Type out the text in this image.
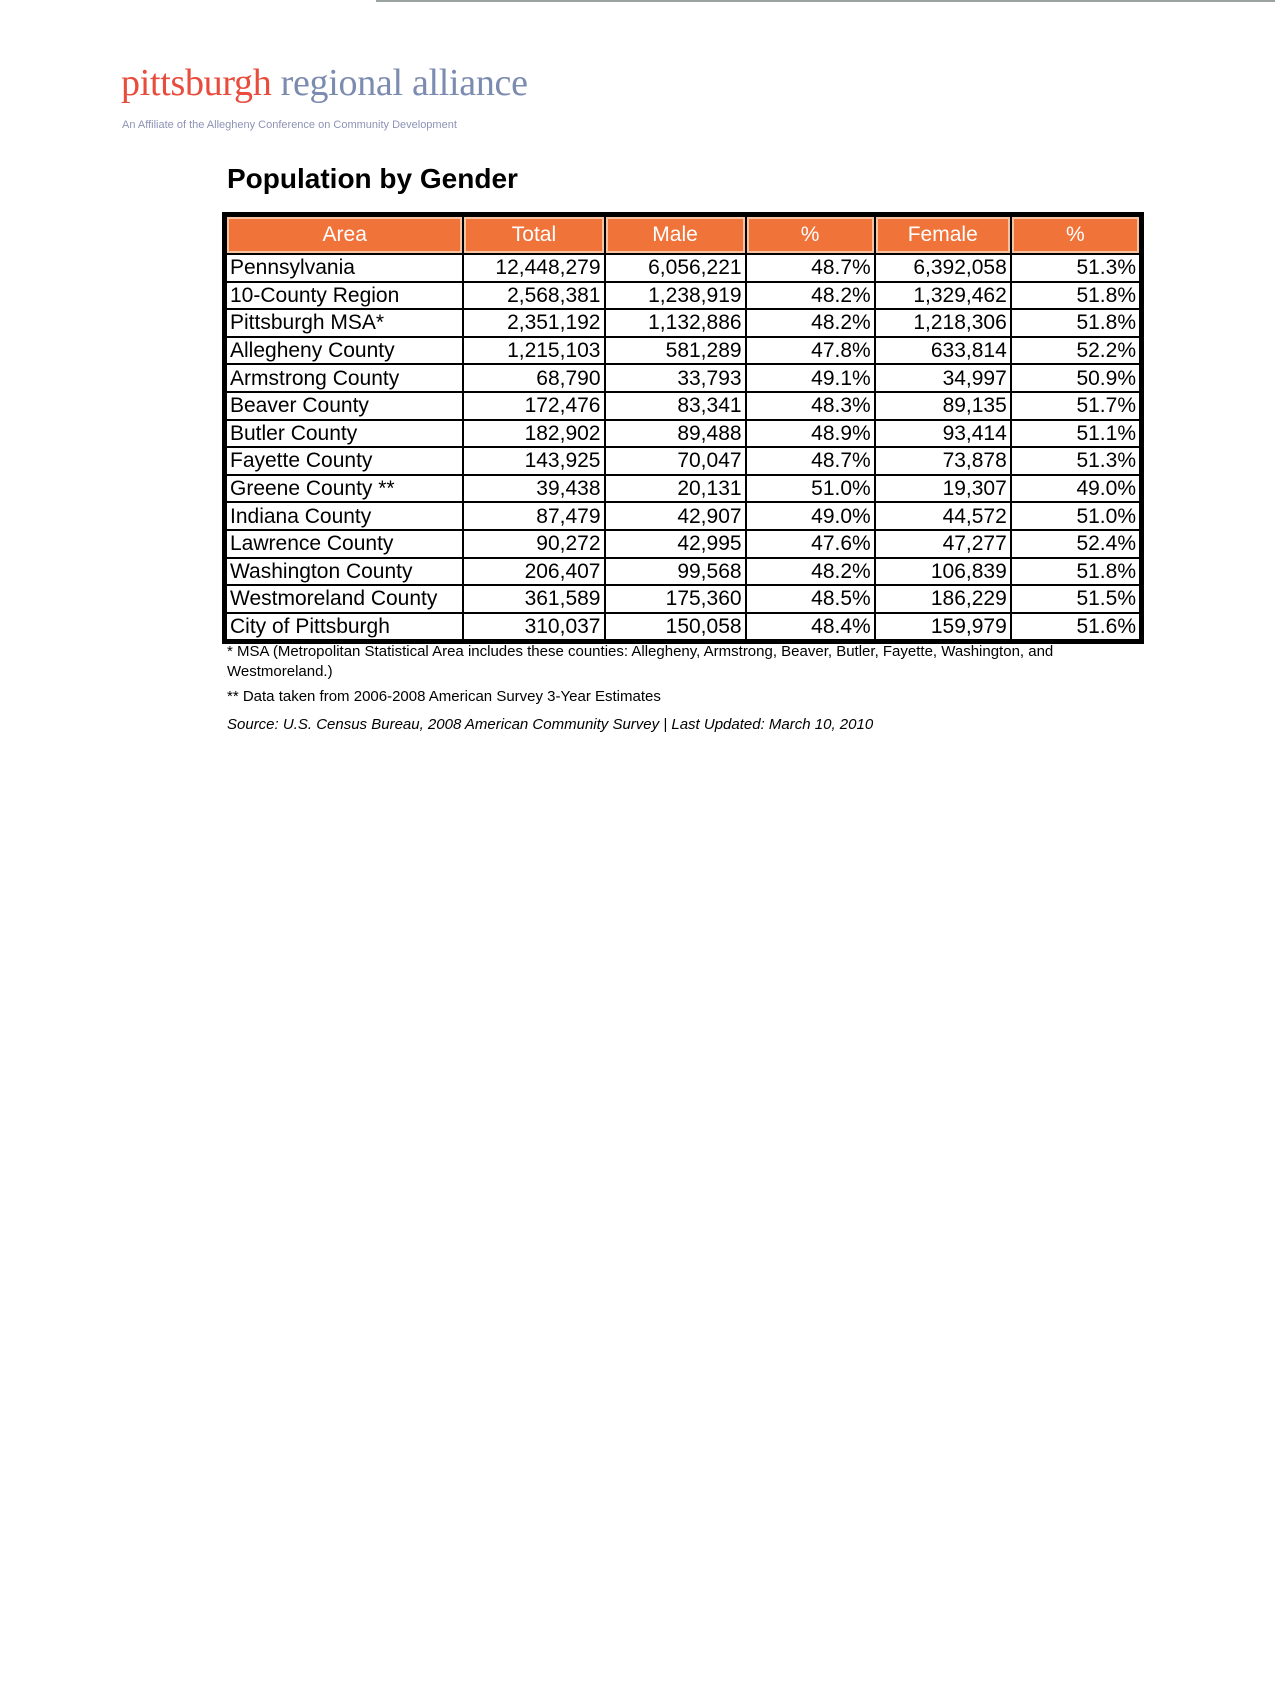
pittsburgh regional alliance
An Affiliate of the Allegheny Conference on Community Development
Population by Gender
Area	Total	Male	%	Female	%
Pennsylvania	12,448,279	6,056,221	48.7%	6,392,058	51.3%
10-County Region	2,568,381	1,238,919	48.2%	1,329,462	51.8%
Pittsburgh MSA*	2,351,192	1,132,886	48.2%	1,218,306	51.8%
Allegheny County	1,215,103	581,289	47.8%	633,814	52.2%
Armstrong County	68,790	33,793	49.1%	34,997	50.9%
Beaver County	172,476	83,341	48.3%	89,135	51.7%
Butler County	182,902	89,488	48.9%	93,414	51.1%
Fayette County	143,925	70,047	48.7%	73,878	51.3%
Greene County **	39,438	20,131	51.0%	19,307	49.0%
Indiana County	87,479	42,907	49.0%	44,572	51.0%
Lawrence County	90,272	42,995	47.6%	47,277	52.4%
Washington County	206,407	99,568	48.2%	106,839	51.8%
Westmoreland County	361,589	175,360	48.5%	186,229	51.5%
City of Pittsburgh	310,037	150,058	48.4%	159,979	51.6%

* MSA (Metropolitan Statistical Area includes these counties: Allegheny, Armstrong, Beaver, Butler, Fayette, Washington, and Westmoreland.)

** Data taken from 2006-2008 American Survey 3-Year Estimates

Source: U.S. Census Bureau, 2008 American Community Survey | Last Updated: March 10, 2010
